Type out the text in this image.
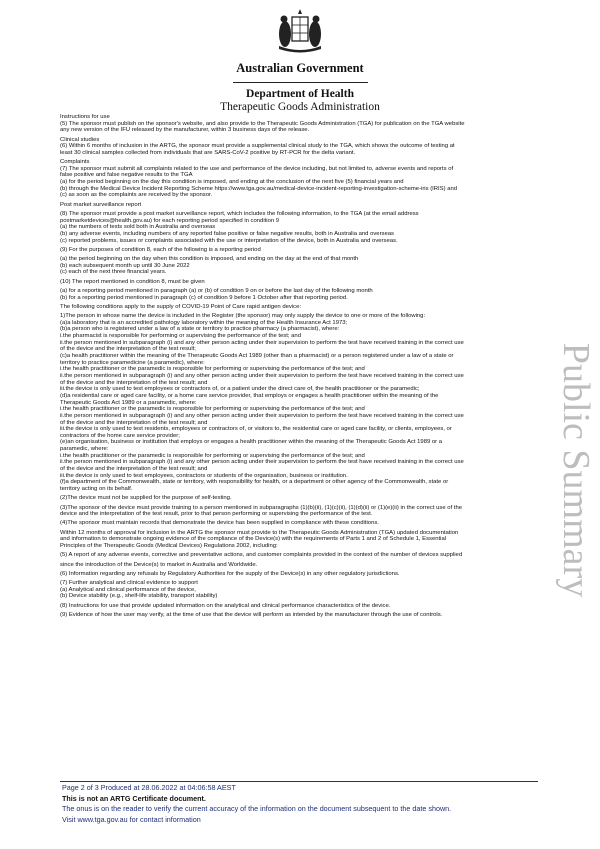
Australian Government
Department of Health
Therapeutic Goods Administration

Instructions for use

(5) The sponsor must publish on the sponsor's website, and also provide to the Therapeutic Goods Administration (TGA) for publication on the TGA website

any new version of the IFU released by the manufacturer, within 3 business days of the release.

Clinical studies

(6) Within 6 months of inclusion in the ARTG, the sponsor must provide a supplemental clinical study to the TGA, which shows the outcome of testing at

least 30 clinical samples collected from individuals that are SARS-CoV-2 positive by RT-PCR for the delta variant.

Complaints

(7) The sponsor must submit all complaints related to the use and performance of the device including, but not limited to, adverse events and reports of

false positive and false negative results to the TGA

(a) for the period beginning on the day this condition is imposed, and ending at the conclusion of the next five (5) financial years and

(b) through the Medical Device Incident Reporting Scheme https://www.tga.gov.au/medical-device-incident-reporting-investigation-scheme-iris (IRIS) and

(c) as soon as the complaints are received by the sponsor.

Post market surveillance report

(8) The sponsor must provide a post market surveillance report, which includes the following information, to the TGA (at the email address

postmarketdevices@health.gov.au) for each reporting period specified in condition 9

(a) the numbers of tests sold both in Australia and overseas

(b) any adverse events, including numbers of any reported false positive or false negative results, both in Australia and overseas

(c) reported problems, issues or complaints associated with the use or interpretation of the device, both in Australia and overseas.

(9) For the purposes of condition 8, each of the following is a reporting period

(a) the period beginning on the day when this condition is imposed, and ending on the day at the end of that month

(b) each subsequent month up until 30 June 2022

(c) each of the next three financial years.

(10) The report mentioned in condition 8, must be given

(a) for a reporting period mentioned in paragraph (a) or (b) of condition 9 on or before the last day of the following month

(b) for a reporting period mentioned in paragraph (c) of condition 9 before 1 October after that reporting period.

The following conditions apply to the supply of COVID-19 Point of Care rapid antigen device:

1)The person in whose name the device is included in the Register (the sponsor) may only supply the device to one or more of the following:

(a)a laboratory that is an accredited pathology laboratory within the meaning of the Health Insurance Act 1973;

(b)a person who is registered under a law of a state or territory to practice pharmacy (a pharmacist), where:

i.the pharmacist is responsible for performing or supervising the performance of the test; and

ii.the person mentioned in subparagraph (i) and any other person acting under their supervision to perform the test have received training in the correct use

of the device and the interpretation of the test result;

(c)a health practitioner within the meaning of the Therapeutic Goods Act 1989 (other than a pharmacist) or a person registered under a law of a state or

territory to practice paramedicine (a paramedic), where:

i.the health practitioner or the paramedic is responsible for performing or supervising the performance of the test; and

ii.the person mentioned in subparagraph (i) and any other person acting under their supervision to perform the test have received training in the correct use

of the device and the interpretation of the test result; and

iii.the device is only used to test employees or contractors of, or a patient under the direct care of, the health practitioner or the paramedic;

(d)a residential care or aged care facility, or a home care service provider, that employs or engages a health practitioner within the meaning of the

Therapeutic Goods Act 1989 or a paramedic, where:

i.the health practitioner or the paramedic is responsible for performing or supervising the performance of the test; and

ii.the person mentioned in subparagraph (i) and any other person acting under their supervision to perform the test have received training in the correct use

of the device and the interpretation of the test result; and

iii.the device is only used to test residents, employees or contractors of, or visitors to, the residential care or aged care facility, or clients, employees, or

contractors of the home care service provider;

(e)an organisation, business or institution that employs or engages a health practitioner within the meaning of the Therapeutic Goods Act 1989 or a

paramedic, where:

i.the health practitioner or the paramedic is responsible for performing or supervising the performance of the test; and

ii.the person mentioned in subparagraph (i) and any other person acting under their supervision to perform the test have received training in the correct use

of the device and the interpretation of the test result; and

iii.the device is only used to test employees, contractors or students of the organisation, business or institution.

(f)a department of the Commonwealth, state or territory, with responsibility for health, or a department or other agency of the Commonwealth, state or

territory acting on its behalf.

(2)The device must not be supplied for the purpose of self-testing.

(3)The sponsor of the device must provide training to a person mentioned in subparagraphs (1)(b)(ii), (1)(c)(ii), (1)(d)(ii) or (1)(e)(ii) in the correct use of the

device and the interpretation of the test result, prior to that person performing or supervising the performance of the test.

(4)The sponsor must maintain records that demonstrate the device has been supplied in compliance with these conditions.

Within 12 months of approval for inclusion in the ARTG the sponsor must provide to the Therapeutic Goods Administration (TGA) updated documentation

and information to demonstrate ongoing evidence of the compliance of the Device(s) with the requirements of Parts 1 and 2 of Schedule 1, Essential

Principles of the Therapeutic Goods (Medical Devices) Regulations 2002, including:

(5) A report of any adverse events, corrective and preventative actions, and customer complaints provided in the context of the number of devices supplied

since the introduction of the Device(s) to market in Australia and Worldwide.

(6) Information regarding any refusals by Regulatory Authorities for the supply of the Device(s) in any other regulatory jurisdictions.

(7) Further analytical and clinical evidence to support

(a) Analytical and clinical performance of the device,

(b) Device stability (e.g., shelf-life stability, transport stability)

(8) Instructions for use that provide updated information on the analytical and clinical performance characteristics of the device.

(9) Evidence of how the user may verify, at the time of use that the device will perform as intended by the manufacturer through the use of controls.

Public Summary

Page 2 of 3 Produced at 28.06.2022 at 04:06:58 AEST

This is not an ARTG Certificate document.

The onus is on the reader to verify the current accuracy of the information on the document subsequent to the date shown.

Visit www.tga.gov.au for contact information
